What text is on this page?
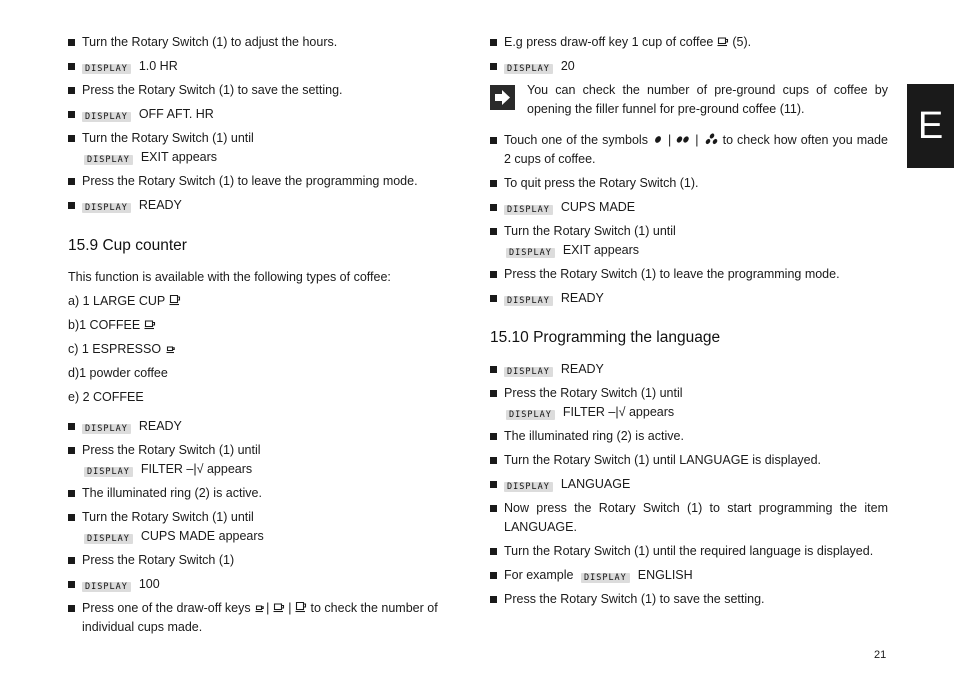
Turn the Rotary Switch (1) to adjust the hours.
DISPLAY 1.0 HR
Press the Rotary Switch (1) to save the setting.
DISPLAY OFF AFT. HR
Turn the Rotary Switch (1) until
DISPLAY EXIT appears
Press the Rotary Switch (1) to leave the programming mode.
DISPLAY READY
15.9 Cup counter
This function is available with the following types of coffee:
a) 1 LARGE CUP
b)1 COFFEE
c) 1 ESPRESSO
d)1 powder coffee
e) 2 COFFEE
DISPLAY READY
Press the Rotary Switch (1) until
DISPLAY FILTER –|√ appears
The illuminated ring (2) is active.
Turn the Rotary Switch (1) until
DISPLAY CUPS MADE appears
Press the Rotary Switch (1)
DISPLAY 100
Press one of the draw-off keys |
|
to check the number of individual cups made.
E.g press draw-off key 1 cup of coffee (5).
DISPLAY 20
You can check the number of pre-ground cups of coffee by opening the filler funnel for pre-ground coffee (11).
Touch one of the symbols
|
|
to check how often you made 2 cups of coffee.
To quit press the Rotary Switch (1).
DISPLAY CUPS MADE
Turn the Rotary Switch (1) until
DISPLAY EXIT appears
Press the Rotary Switch (1) to leave the programming mode.
DISPLAY READY
15.10 Programming the language
DISPLAY READY
Press the Rotary Switch (1) until
DISPLAY FILTER –|√ appears
The illuminated ring (2) is active.
Turn the Rotary Switch (1) until LANGUAGE is displayed.
DISPLAY LANGUAGE
Now press the Rotary Switch (1) to start programming the item LANGUAGE.
Turn the Rotary Switch (1) until the required language is displayed.
For example DISPLAY ENGLISH
Press the Rotary Switch (1) to save the setting.
E
21
